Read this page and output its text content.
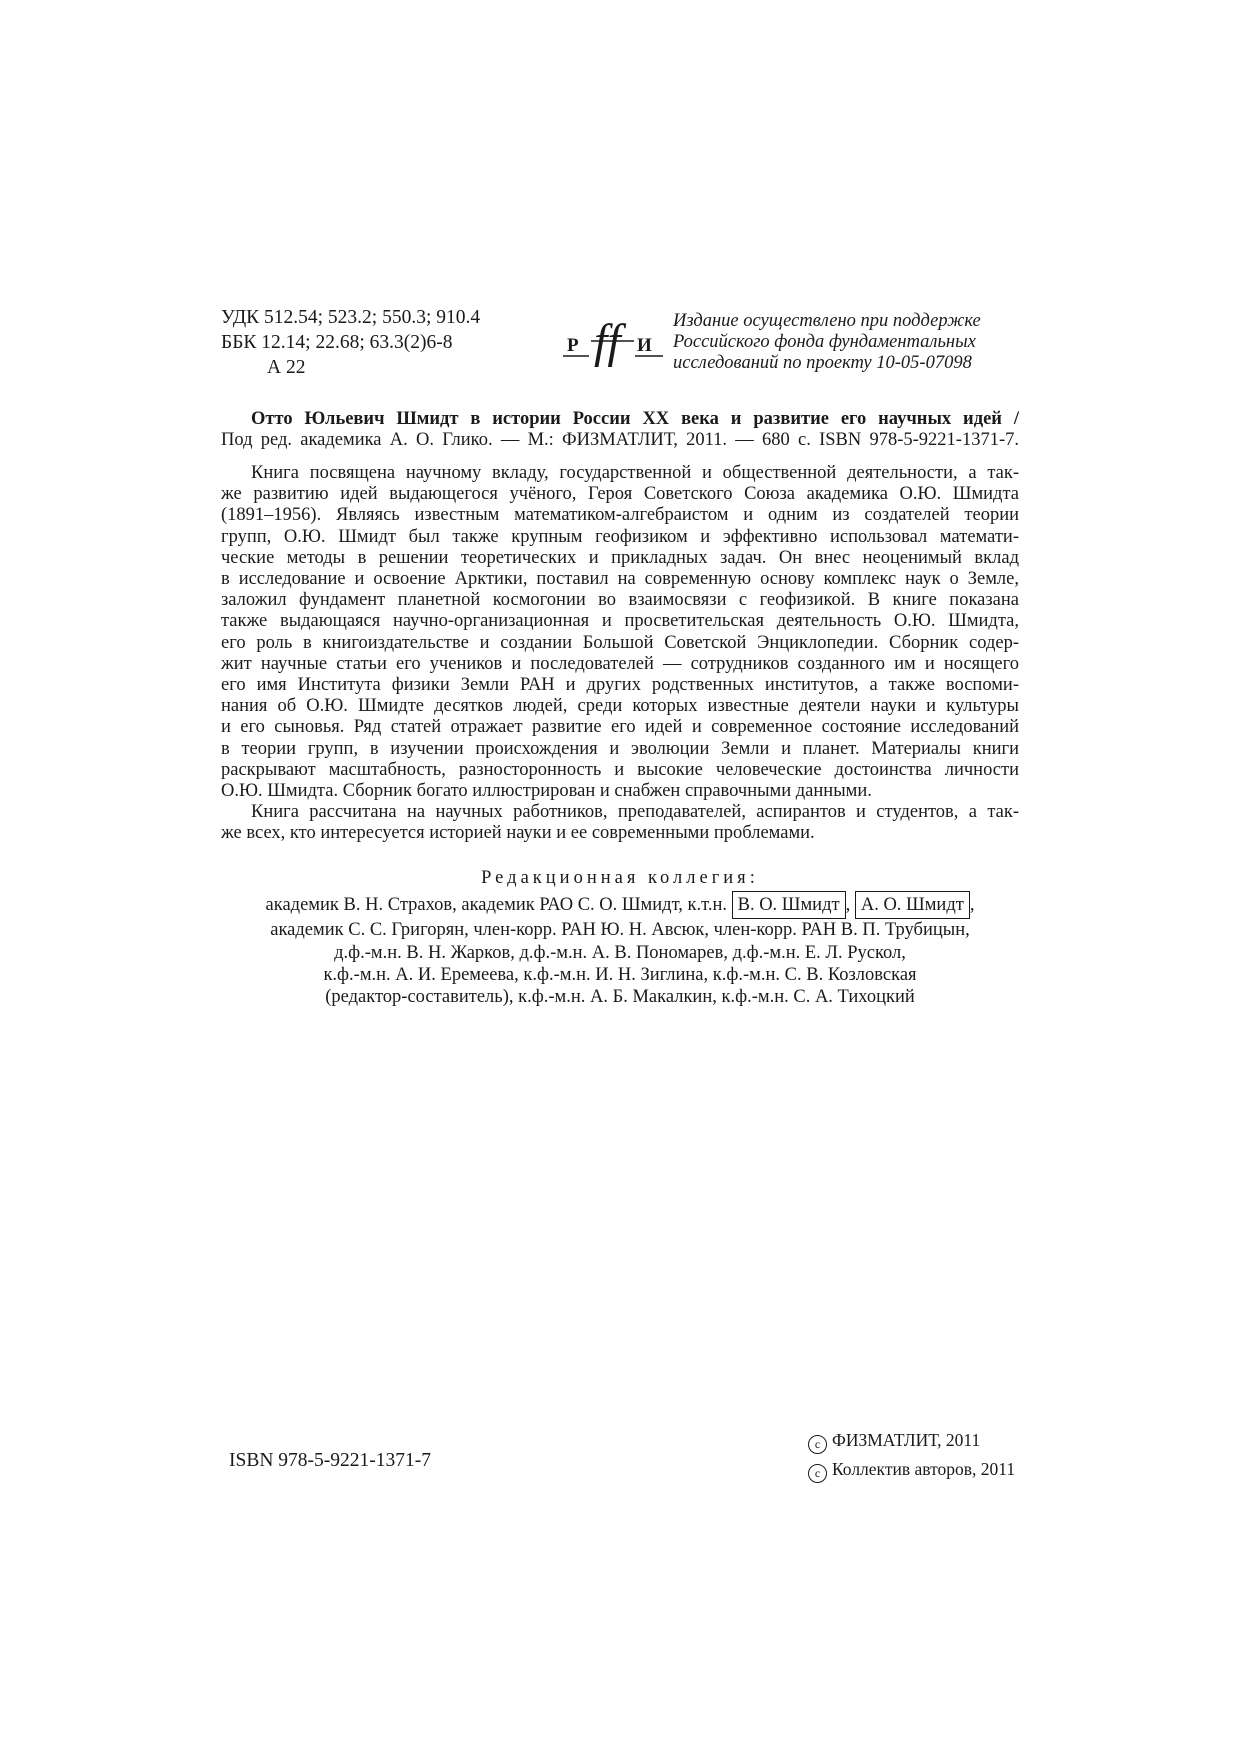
УДК 512.54; 523.2; 550.3; 910.4
ББК 12.14; 22.68; 63.3(2)6-8
А 22
Р ff И
Издание осуществлено при поддержке
Российского фонда фундаментальных
исследований по проекту 10-05-07098
Отто Юльевич Шмидт в истории России XX века и развитие его научных идей /
Под ред. академика А. О. Глико. — М.: ФИЗМАТЛИТ, 2011. — 680 с. ISBN 978-5-9221-1371-7.
Книга посвящена научному вкладу, государственной и общественной деятельности, а так-
же развитию идей выдающегося учёного, Героя Советского Союза академика О.Ю. Шмидта
(1891–1956). Являясь известным математиком-алгебраистом и одним из создателей теории
групп, О.Ю. Шмидт был также крупным геофизиком и эффективно использовал математи-
ческие методы в решении теоретических и прикладных задач. Он внес неоценимый вклад
в исследование и освоение Арктики, поставил на современную основу комплекс наук о Земле,
заложил фундамент планетной космогонии во взаимосвязи с геофизикой. В книге показана
также выдающаяся научно-организационная и просветительская деятельность О.Ю. Шмидта,
его роль в книгоиздательстве и создании Большой Советской Энциклопедии. Сборник содер-
жит научные статьи его учеников и последователей — сотрудников созданного им и носящего
его имя Института физики Земли РАН и других родственных институтов, а также воспоми-
нания об О.Ю. Шмидте десятков людей, среди которых известные деятели науки и культуры
и его сыновья. Ряд статей отражает развитие его идей и современное состояние исследований
в теории групп, в изучении происхождения и эволюции Земли и планет. Материалы книги
раскрывают масштабность, разносторонность и высокие человеческие достоинства личности
О.Ю. Шмидта. Сборник богато иллюстрирован и снабжен справочными данными.
Книга рассчитана на научных работников, преподавателей, аспирантов и студентов, а так-
же всех, кто интересуется историей науки и ее современными проблемами.
Редакционная коллегия:
академик В. Н. Страхов, академик РАО С. О. Шмидт, к.т.н. В. О. Шмидт , А. О. Шмидт ,
академик С. С. Григорян, член-корр. РАН Ю. Н. Авсюк, член-корр. РАН В. П. Трубицын,
д.ф.-м.н. В. Н. Жарков, д.ф.-м.н. А. В. Пономарев, д.ф.-м.н. Е. Л. Рускол,
к.ф.-м.н. А. И. Еремеева, к.ф.-м.н. И. Н. Зиглина, к.ф.-м.н. С. В. Козловская
(редактор-составитель), к.ф.-м.н. А. Б. Макалкин, к.ф.-м.н. С. А. Тихоцкий
ISBN 978-5-9221-1371-7
c ФИЗМАТЛИТ, 2011
c Коллектив авторов, 2011
